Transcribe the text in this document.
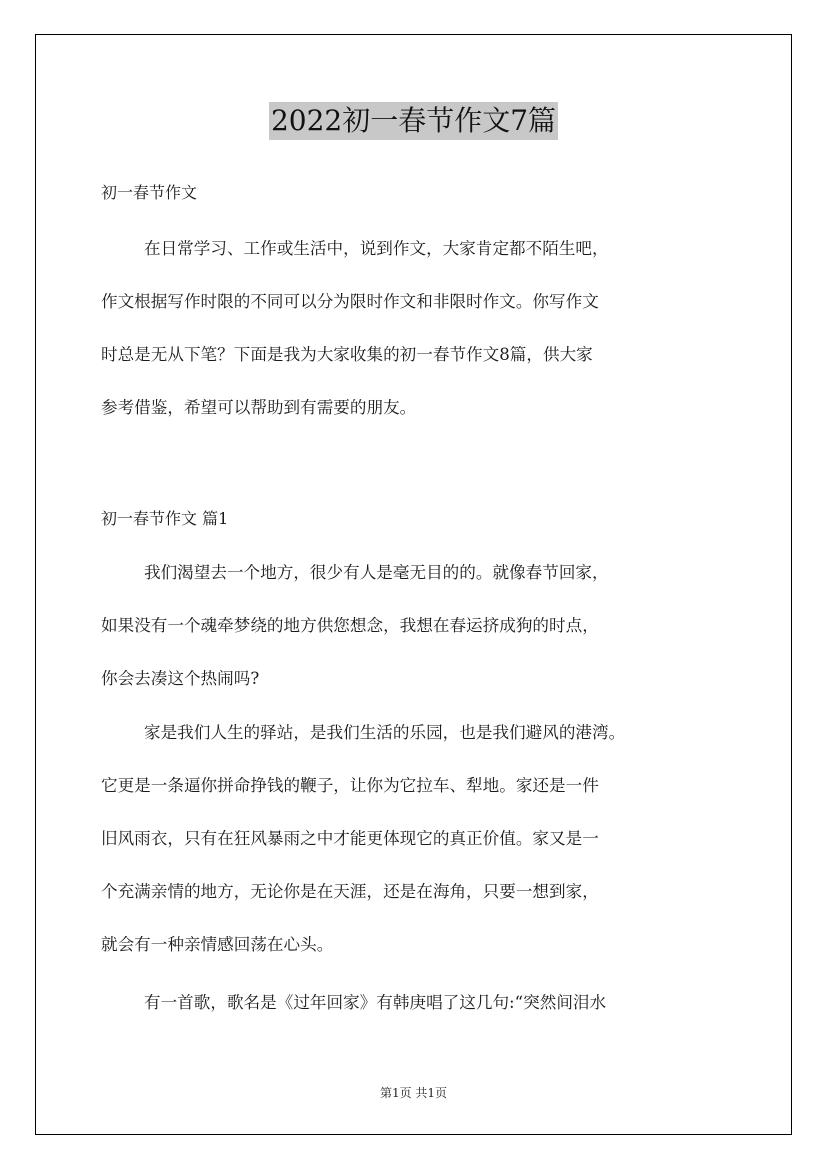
2022初一春节作文7篇
初一春节作文
在日常学习、工作或生活中，说到作文，大家肯定都不陌生吧，
作文根据写作时限的不同可以分为限时作文和非限时作文。你写作文
时总是无从下笔？下面是我为大家收集的初一春节作文8篇，供大家
参考借鉴，希望可以帮助到有需要的朋友。
初一春节作文 篇1
我们渴望去一个地方，很少有人是毫无目的的。就像春节回家，
如果没有一个魂牵梦绕的地方供您想念，我想在春运挤成狗的时点，
你会去凑这个热闹吗?
家是我们人生的驿站，是我们生活的乐园，也是我们避风的港湾。
它更是一条逼你拼命挣钱的鞭子，让你为它拉车、犁地。家还是一件
旧风雨衣，只有在狂风暴雨之中才能更体现它的真正价值。家又是一
个充满亲情的地方，无论你是在天涯，还是在海角，只要一想到家，
就会有一种亲情感回荡在心头。
有一首歌，歌名是《过年回家》有韩庚唱了这几句:“突然间泪水
第1页 共1页
